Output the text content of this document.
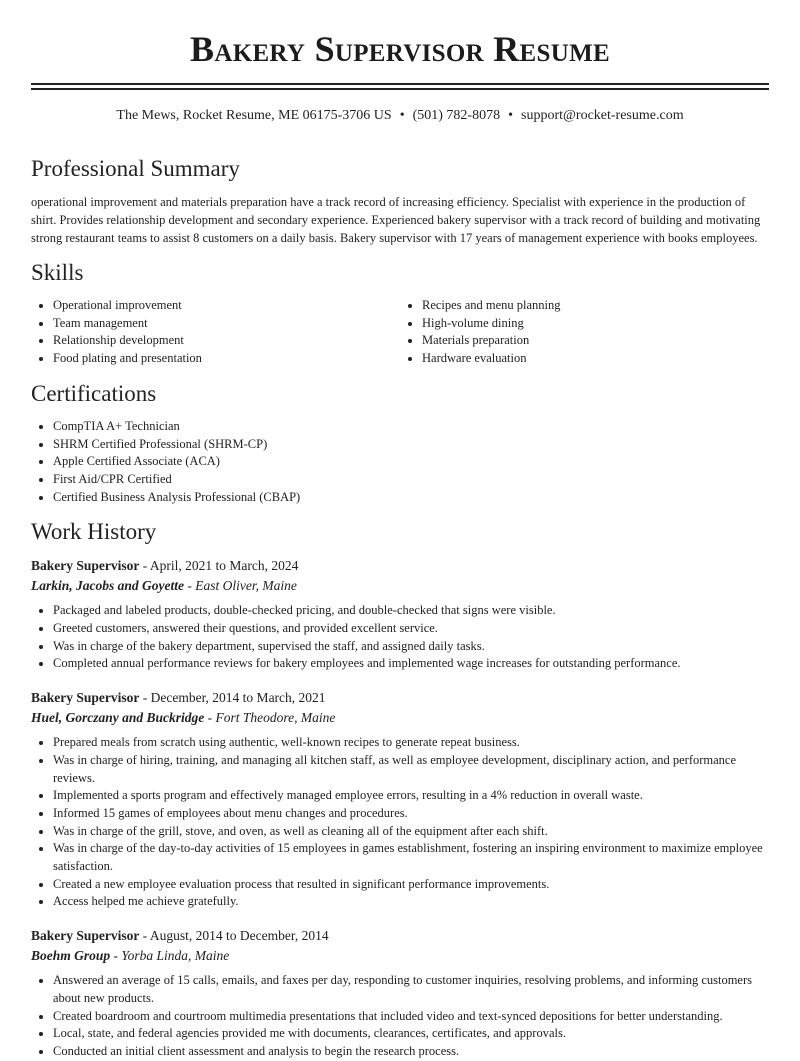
Bakery Supervisor Resume
The Mews, Rocket Resume, ME 06175-3706 US • (501) 782-8078 • support@rocket-resume.com
Professional Summary

operational improvement and materials preparation have a track record of increasing efficiency. Specialist with experience in the production of shirt. Provides relationship development and secondary experience. Experienced bakery supervisor with a track record of building and motivating strong restaurant teams to assist 8 customers on a daily basis. Bakery supervisor with 17 years of management experience with books employees.

Skills
• Operational improvement
• Team management
• Relationship development
• Food plating and presentation
• Recipes and menu planning
• High-volume dining
• Materials preparation
• Hardware evaluation
Certifications
• CompTIA A+ Technician
• SHRM Certified Professional (SHRM-CP)
• Apple Certified Associate (ACA)
• First Aid/CPR Certified
• Certified Business Analysis Professional (CBAP)
Work History
Bakery Supervisor - April, 2021 to March, 2024
Larkin, Jacobs and Goyette - East Oliver, Maine
• Packaged and labeled products, double-checked pricing, and double-checked that signs were visible.
• Greeted customers, answered their questions, and provided excellent service.
• Was in charge of the bakery department, supervised the staff, and assigned daily tasks.
• Completed annual performance reviews for bakery employees and implemented wage increases for outstanding performance.
Bakery Supervisor - December, 2014 to March, 2021
Huel, Gorczany and Buckridge - Fort Theodore, Maine
• Prepared meals from scratch using authentic, well-known recipes to generate repeat business.
• Was in charge of hiring, training, and managing all kitchen staff, as well as employee development, disciplinary action, and performance reviews.
• Implemented a sports program and effectively managed employee errors, resulting in a 4% reduction in overall waste.
• Informed 15 games of employees about menu changes and procedures.
• Was in charge of the grill, stove, and oven, as well as cleaning all of the equipment after each shift.
• Was in charge of the day-to-day activities of 15 employees in games establishment, fostering an inspiring environment to maximize employee satisfaction.
• Created a new employee evaluation process that resulted in significant performance improvements.
• Access helped me achieve gratefully.
Bakery Supervisor - August, 2014 to December, 2014
Boehm Group - Yorba Linda, Maine
• Answered an average of 15 calls, emails, and faxes per day, responding to customer inquiries, resolving problems, and informing customers about new products.
• Created boardroom and courtroom multimedia presentations that included video and text-synced depositions for better understanding.
• Local, state, and federal agencies provided me with documents, clearances, certificates, and approvals.
• Conducted an initial client assessment and analysis to begin the research process.
